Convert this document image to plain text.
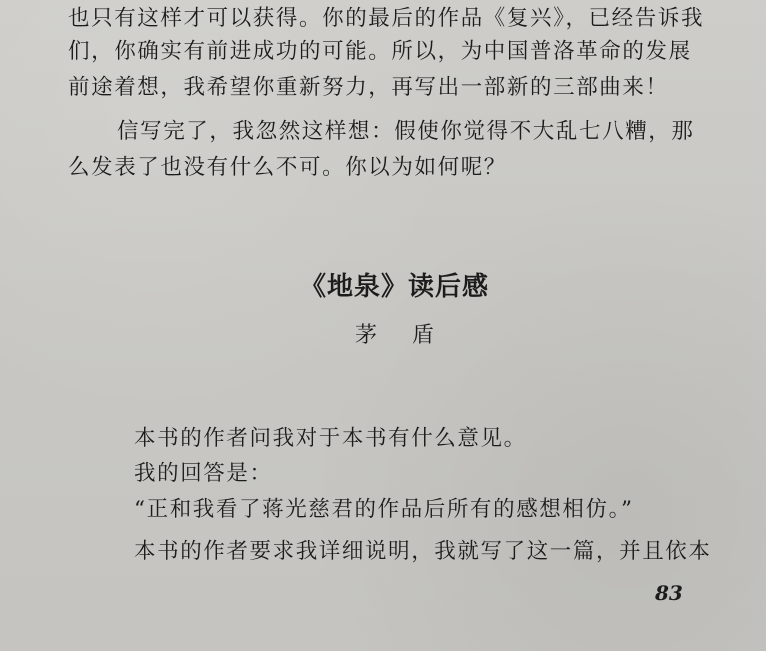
也只有这样才可以获得。你的最后的作品《复兴》，已经告诉我
们，你确实有前进成功的可能。所以，为中国普洛革命的发展
前途着想，我希望你重新努力，再写出一部新的三部曲来！
信写完了，我忽然这样想：假使你觉得不大乱七八糟，那
么发表了也没有什么不可。你以为如何呢？
《地泉》读后感
茅 盾
本书的作者问我对于本书有什么意见。
我的回答是：
“正和我看了蒋光慈君的作品后所有的感想相仿。”
本书的作者要求我详细说明，我就写了这一篇，并且依本
83
